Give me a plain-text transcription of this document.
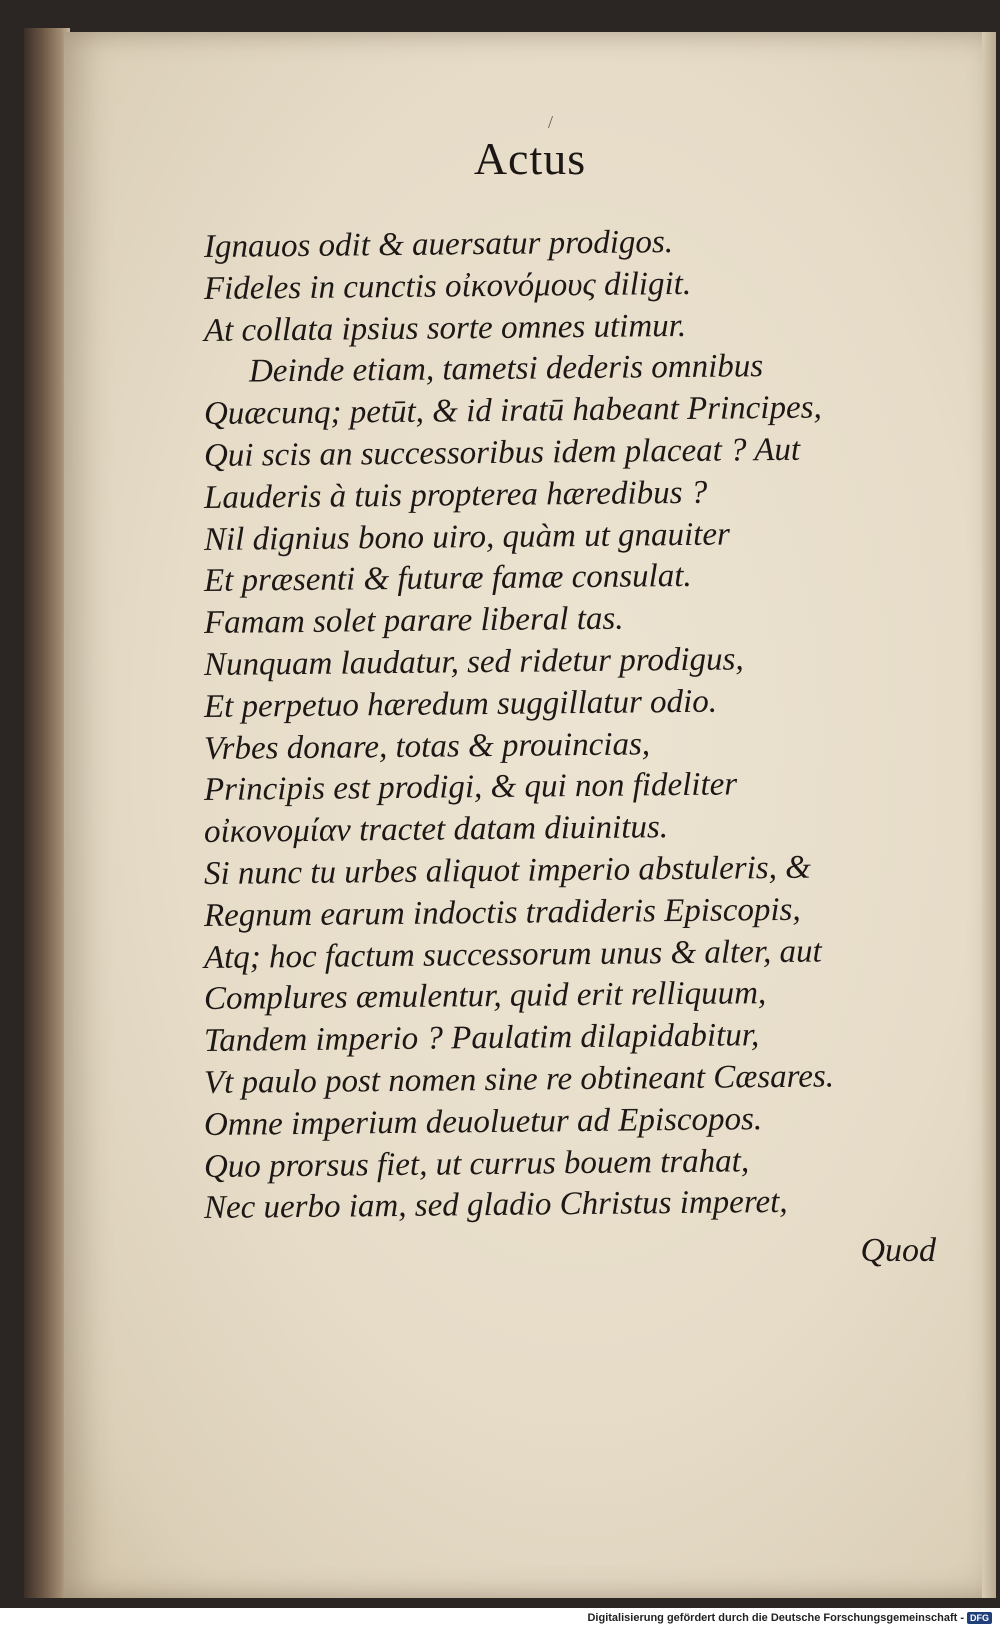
/
Actus
Ignauos odit & auersatur prodigos.
Fideles in cunctis οἰκονόμους diligit.
At collata ipsius sorte omnes utimur.
Deinde etiam, tametsi dederis omnibus
Quæcunq; petūt, & id iratū habeant Principes,
Qui scis an successoribus idem placeat ? Aut
Lauderis à tuis propterea hæredibus ?
Nil dignius bono uiro, quàm ut gnauiter
Et præsenti & futuræ famæ consulat.
Famam solet parare liberal tas.
Nunquam laudatur, sed ridetur prodigus,
Et perpetuo hæredum suggillatur odio.
Vrbes donare, totas & prouincias,
Principis est prodigi, & qui non fideliter
οἰκονομίαν tractet datam diuinitus.
Si nunc tu urbes aliquot imperio abstuleris, &
Regnum earum indoctis tradideris Episcopis,
Atq; hoc factum successorum unus & alter, aut
Complures æmulentur, quid erit relliquum,
Tandem imperio ? Paulatim dilapidabitur,
Vt paulo post nomen sine re obtineant Cæsares.
Omne imperium deuoluetur ad Episcopos.
Quo prorsus fiet, ut currus bouem trahat,
Nec uerbo iam, sed gladio Christus imperet,
Quod
Digitalisierung gefördert durch die Deutsche Forschungsgemeinschaft - DFG
